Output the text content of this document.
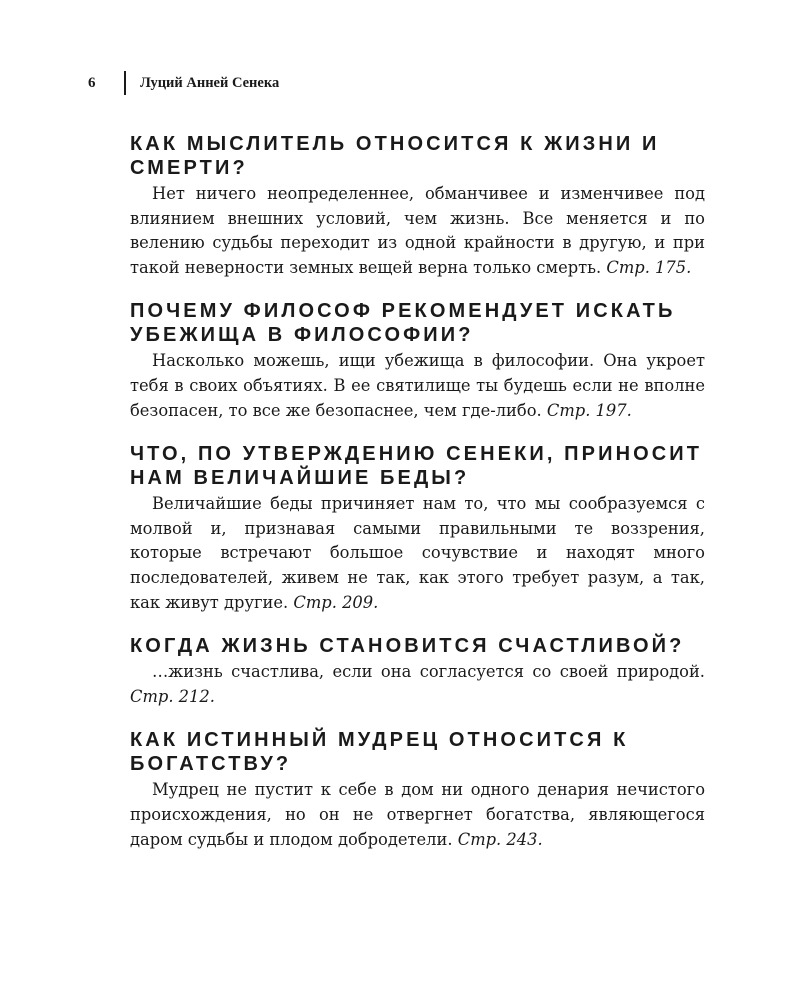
6	Луций Анней Сенека
КАК МЫСЛИТЕЛЬ ОТНОСИТСЯ К ЖИЗНИ И СМЕРТИ?

Нет ничего неопределеннее, обманчивее и изменчивее под влиянием внешних условий, чем жизнь. Все меняется и по велению судьбы переходит из одной крайности в другую, и при такой неверности земных вещей верна только смерть. Стр. 175.

ПОЧЕМУ ФИЛОСОФ РЕКОМЕНДУЕТ ИСКАТЬ УБЕЖИЩА В ФИЛОСОФИИ?

Насколько можешь, ищи убежища в философии. Она укроет тебя в своих объятиях. В ее святилище ты будешь если не вполне безопасен, то все же безопаснее, чем где-либо. Стр. 197.

ЧТО, ПО УТВЕРЖДЕНИЮ СЕНЕКИ, ПРИНОСИТ НАМ ВЕЛИЧАЙШИЕ БЕДЫ?

Величайшие беды причиняет нам то, что мы сообразуемся с молвой и, признавая самыми правильными те воззрения, которые встречают большое сочувствие и находят много последователей, живем не так, как этого требует разум, а так, как живут другие. Стр. 209.

КОГДА ЖИЗНЬ СТАНОВИТСЯ СЧАСТЛИВОЙ?

…жизнь счастлива, если она согласуется со своей природой. Стр. 212.

КАК ИСТИННЫЙ МУДРЕЦ ОТНОСИТСЯ К БОГАТСТВУ?

Мудрец не пустит к себе в дом ни одного денария нечистого происхождения, но он не отвергнет богатства, являющегося даром судьбы и плодом добродетели. Стр. 243.
